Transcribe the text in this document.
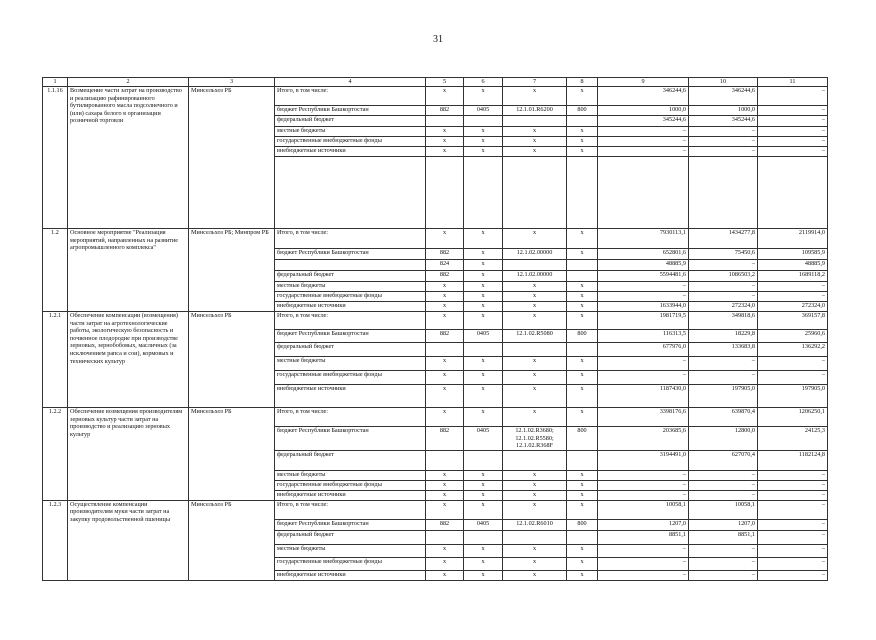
31
1	2	3	4	5	6	7	8	9	10	11
1.1.16	Возмещение части затрат на производство и реализацию рафинированного бутилированного масла подсолнечного и (или) сахара белого в организации розничной торговли	Минсельхоз РБ	Итого, в том числе:	x	x	x	x	346244,6	346244,6	–
			бюджет Республики Башкортостан	882	0405	12.1.01.R6200	800	1000,0	1000,0	–
			федеральный бюджет					345244,6	345244,6	–
			местные бюджеты	x	x	x	x	–	–	–
			государственные внебюджетные фонды	x	x	x	x	–	–	–
			внебюджетные источники	x	x	x	x	–	–	–

1.2	Основное мероприятие "Реализация мероприятий, направленных на развитие агропромышленного комплекса"	Минсельхоз РБ; Минпром РБ	Итого, в том числе:	x	x	x	x	7930113,1	1434277,8	2119914,0
			бюджет Республики Башкортостан	882	x	12.1.02.00000	x	652801,6	75450,6	109585,9
				824	x			48885,9	–	48885,9
			федеральный бюджет	882	x	12.1.02.00000		5594481,6	1086503,2	1689118,2
			местные бюджеты	x	x	x	x	–	–	–
			государственные внебюджетные фонды	x	x	x	x	–	–	–
			внебюджетные источники	x	x	x	x	1633944,0	272324,0	272324,0
1.2.1	Обеспечение компенсации (возмещения) части затрат на агротехнологические работы, экологическую безопасность и почвенное плодородие при производстве зерновых, зернобобовых, масличных (за исключением рапса и сои), кормовых и технических культур	Минсельхоз РБ	Итого, в том числе:	x	x	x	x	1981719,5	349818,6	369157,8
			бюджет Республики Башкортостан	882	0405	12.1.02.R5080	800	116313,5	18229,8	25960,6
			федеральный бюджет					677976,0	133683,8	136292,2
			местные бюджеты	x	x	x	x	–	–	–
			государственные внебюджетные фонды	x	x	x	x	–	–	–
			внебюджетные источники	x	x	x	x	1187430,0	197905,0	197905,0
1.2.2	Обеспечение возмещения производителям зерновых культур части затрат на производство и реализацию зерновых культур	Минсельхоз РБ	Итого, в том числе:	x	x	x	x	3398176,6	639870,4	1206250,1
			бюджет Республики Башкортостан	882	0405	12.1.02.R3680; 12.1.02.R5580; 12.1.02.R368F	800	203685,6	12800,0	24125,3
			федеральный бюджет					3194491,0	627070,4	1182124,8
			местные бюджеты	x	x	x	x	–	–	–
			государственные внебюджетные фонды	x	x	x	x	–	–	–
			внебюджетные источники	x	x	x	x	–	–	–
1.2.3	Осуществление компенсации производителям муки части затрат на закупку продовольственной пшеницы	Минсельхоз РБ	Итого, в том числе:	x	x	x	x	10058,1	10058,1	–
			бюджет Республики Башкортостан	882	0405	12.1.02.R6010	800	1207,0	1207,0	–
			федеральный бюджет					8851,1	8851,1	–
			местные бюджеты	x	x	x	x	–	–	–
			государственные внебюджетные фонды	x	x	x	x	–	–	–
			внебюджетные источники	x	x	x	x	–	–	–
